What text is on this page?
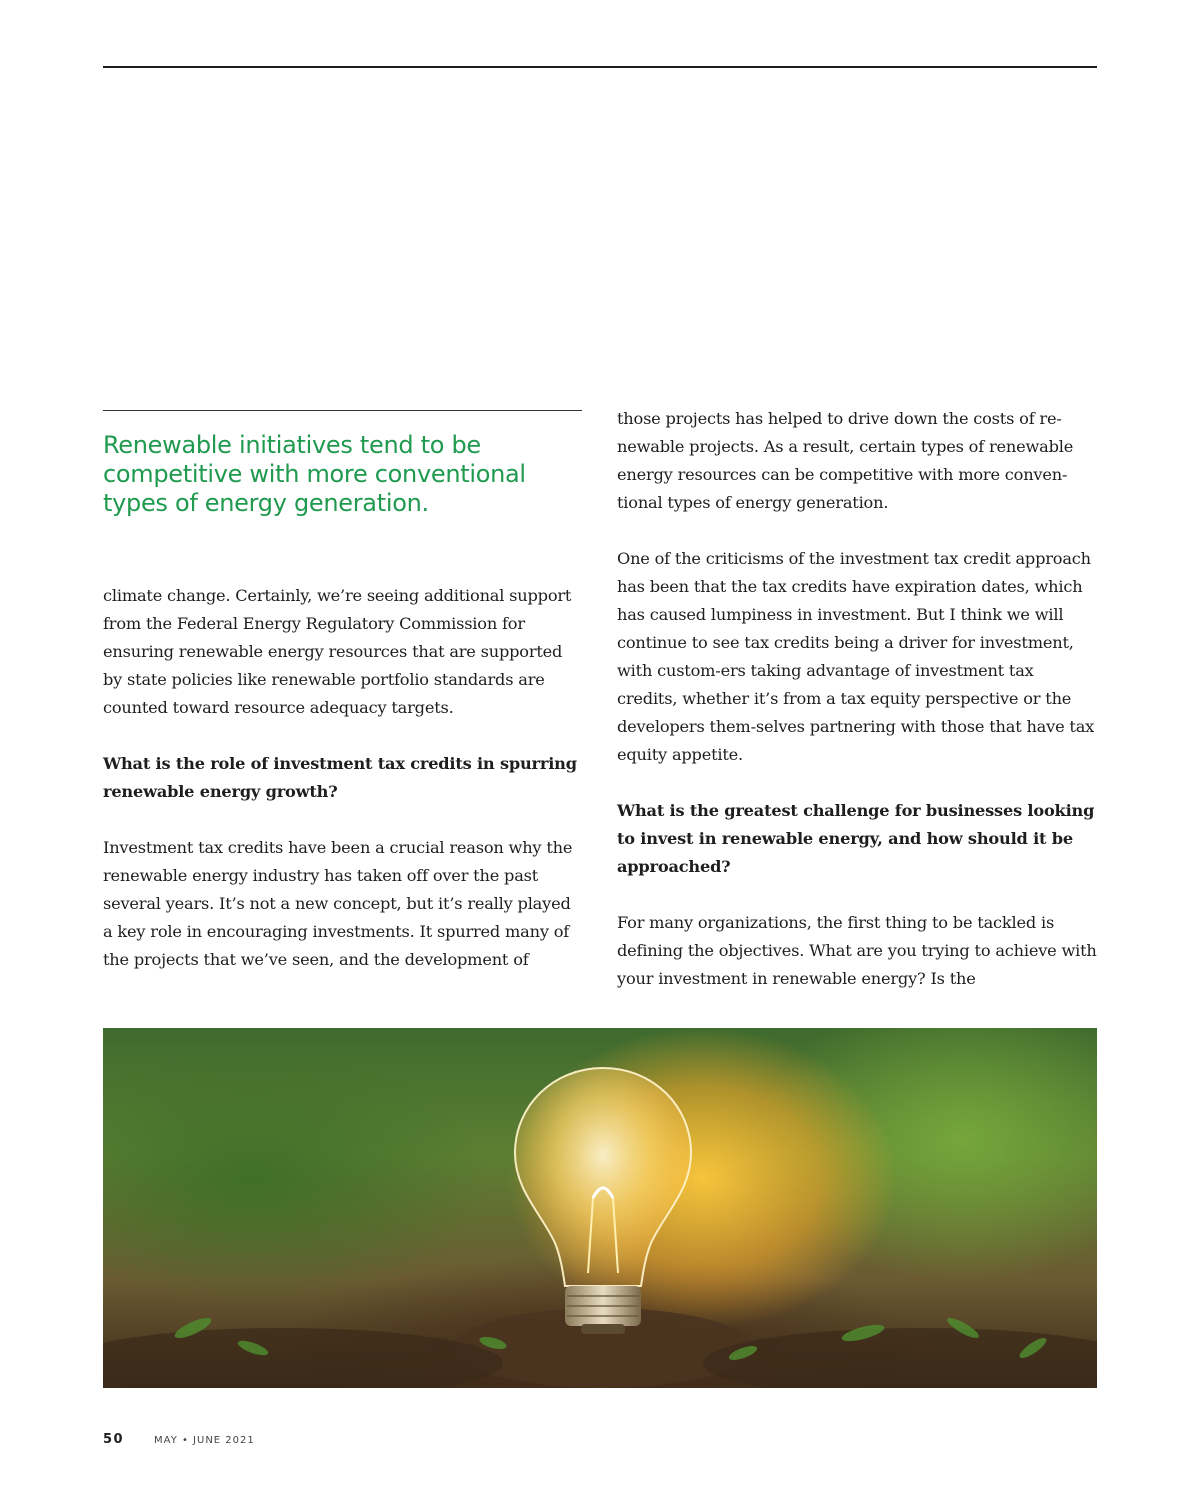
Renewable initiatives tend to be competitive with more conventional types of energy generation.

climate change. Certainly, we’re seeing additional support from the Federal Energy Regulatory Commission for ensuring renewable energy resources that are supported by state policies like renewable portfolio standards are counted toward resource adequacy targets.

What is the role of investment tax credits in spurring renewable energy growth?

Investment tax credits have been a crucial reason why the renewable energy industry has taken off over the past several years. It’s not a new concept, but it’s really played a key role in encouraging investments. It spurred many of the projects that we’ve seen, and the development of

those projects has helped to drive down the costs of re-newable projects. As a result, certain types of renewable energy resources can be competitive with more conven-tional types of energy generation.

One of the criticisms of the investment tax credit approach has been that the tax credits have expiration dates, which has caused lumpiness in investment. But I think we will continue to see tax credits being a driver for investment, with custom-ers taking advantage of investment tax credits, whether it’s from a tax equity perspective or the developers them-selves partnering with those that have tax equity appetite.

What is the greatest challenge for businesses looking to invest in renewable energy, and how should it be approached?

For many organizations, the first thing to be tackled is defining the objectives. What are you trying to achieve with your investment in renewable energy? Is the

50	MAY • JUNE 2021
